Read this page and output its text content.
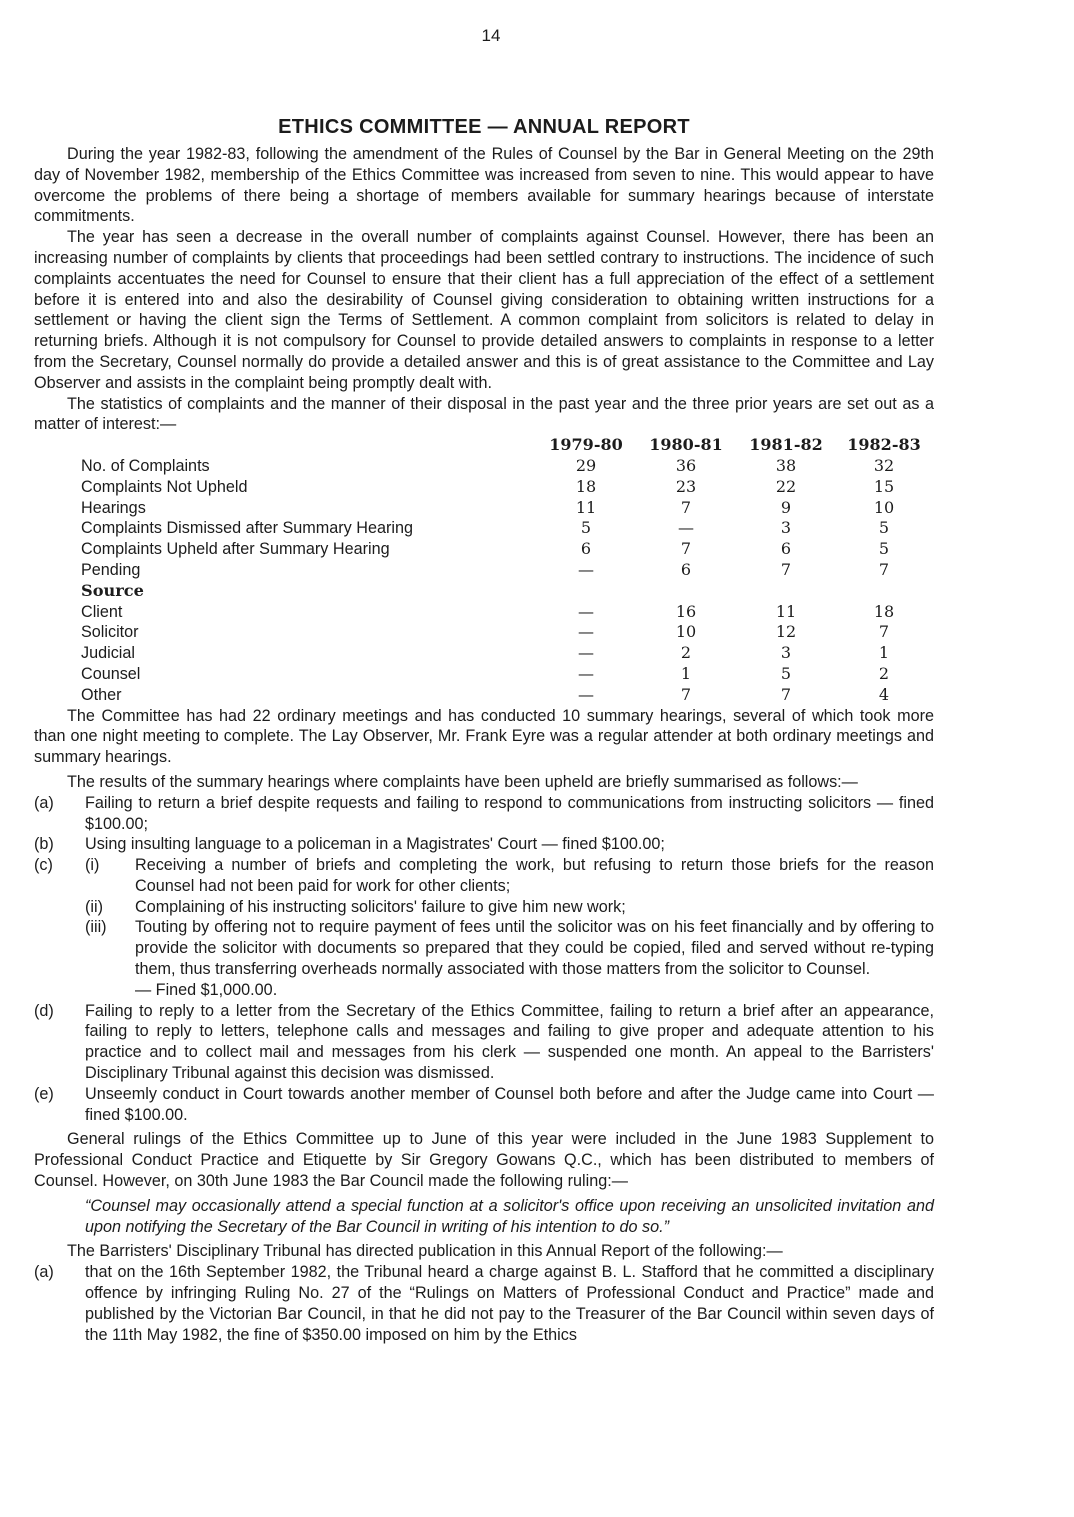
14
ETHICS COMMITTEE — ANNUAL REPORT

During the year 1982-83, following the amendment of the Rules of Counsel by the Bar in General Meeting on the 29th day of November 1982, membership of the Ethics Committee was increased from seven to nine. This would appear to have overcome the problems of there being a shortage of members available for summary hearings because of interstate commitments.

The year has seen a decrease in the overall number of complaints against Counsel. However, there has been an increasing number of complaints by clients that proceedings had been settled contrary to instructions. The incidence of such complaints accentuates the need for Counsel to ensure that their client has a full appreciation of the effect of a settlement before it is entered into and also the desirability of Counsel giving consideration to obtaining written instructions for a settlement or having the client sign the Terms of Settlement. A common complaint from solicitors is related to delay in returning briefs. Although it is not compulsory for Counsel to provide detailed answers to complaints in response to a letter from the Secretary, Counsel normally do provide a detailed answer and this is of great assistance to the Committee and Lay Observer and assists in the complaint being promptly dealt with.

The statistics of complaints and the manner of their disposal in the past year and the three prior years are set out as a matter of interest:—

	1979-80	1980-81	1981-82	1982-83
No. of Complaints	29	36	38	32
Complaints Not Upheld	18	23	22	15
Hearings	11	7	9	10
Complaints Dismissed after Summary Hearing	5	—	3	5
Complaints Upheld after Summary Hearing	6	7	6	5
Pending	—	6	7	7
Source				
Client	—	16	11	18
Solicitor	—	10	12	7
Judicial	—	2	3	1
Counsel	—	1	5	2
Other	—	7	7	4

The Committee has had 22 ordinary meetings and has conducted 10 summary hearings, several of which took more than one night meeting to complete. The Lay Observer, Mr. Frank Eyre was a regular attender at both ordinary meetings and summary hearings.

The results of the summary hearings where complaints have been upheld are briefly summarised as follows:—

(a)	Failing to return a brief despite requests and failing to respond to communications from instructing solicitors — fined $100.00;
(b)	Using insulting language to a policeman in a Magistrates' Court — fined $100.00;
(c)	(i)	Receiving a number of briefs and completing the work, but refusing to return those briefs for the reason Counsel had not been paid for work for other clients;
(ii)	Complaining of his instructing solicitors' failure to give him new work;
(iii)	Touting by offering not to require payment of fees until the solicitor was on his feet financially and by offering to provide the solicitor with documents so prepared that they could be copied, filed and served without re-typing them, thus transferring overheads normally associated with those matters from the solicitor to Counsel.
— Fined $1,000.00.
(d)	Failing to reply to a letter from the Secretary of the Ethics Committee, failing to return a brief after an appearance, failing to reply to letters, telephone calls and messages and failing to give proper and adequate attention to his practice and to collect mail and messages from his clerk — suspended one month. An appeal to the Barristers' Disciplinary Tribunal against this decision was dismissed.
(e)	Unseemly conduct in Court towards another member of Counsel both before and after the Judge came into Court — fined $100.00.

General rulings of the Ethics Committee up to June of this year were included in the June 1983 Supplement to Professional Conduct Practice and Etiquette by Sir Gregory Gowans Q.C., which has been distributed to members of Counsel. However, on 30th June 1983 the Bar Council made the following ruling:—

“Counsel may occasionally attend a special function at a solicitor's office upon receiving an unsolicited invitation and upon notifying the Secretary of the Bar Council in writing of his intention to do so.”

The Barristers' Disciplinary Tribunal has directed publication in this Annual Report of the following:—

(a)	that on the 16th September 1982, the Tribunal heard a charge against B. L. Stafford that he committed a disciplinary offence by infringing Ruling No. 27 of the “Rulings on Matters of Professional Conduct and Practice” made and published by the Victorian Bar Council, in that he did not pay to the Treasurer of the Bar Council within seven days of the 11th May 1982, the fine of $350.00 imposed on him by the Ethics
